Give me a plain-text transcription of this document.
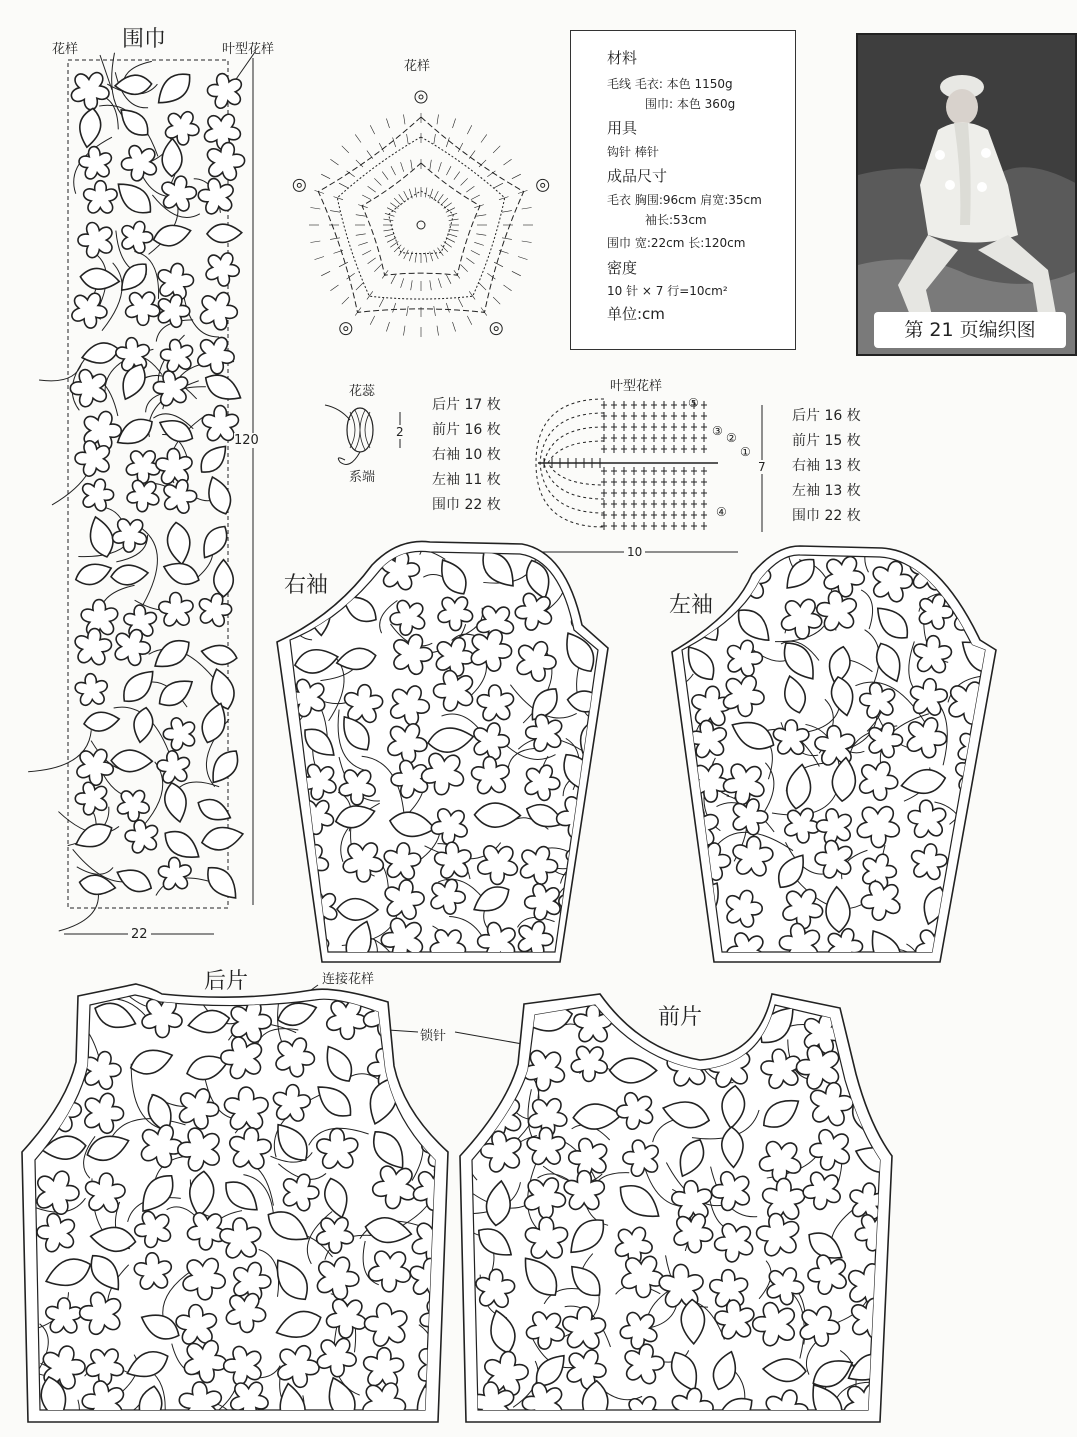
花样 围巾	叶型花样
120
22
花样
花蕊
2
系端
后片 17 枚
前片 16 枚
右袖 10 枚
左袖 11 枚
围巾 22 枚
叶型花样
⑤
③ ②
①
④
7
10
后片 16 枚
前片 15 枚
右袖 13 枚
左袖 13 枚
围巾 22 枚
材料
毛线 毛衣: 本色 1150g
围巾: 本色 360g
用具
钩针 棒针
成品尺寸
毛衣 胸围:96cm 肩宽:35cm
袖长:53cm
围巾 宽:22cm 长:120cm
密度
10 针 × 7 行=10cm²
单位:cm
第 21 页编织图
右袖
左袖
后片	连接花样
锁针
前片
